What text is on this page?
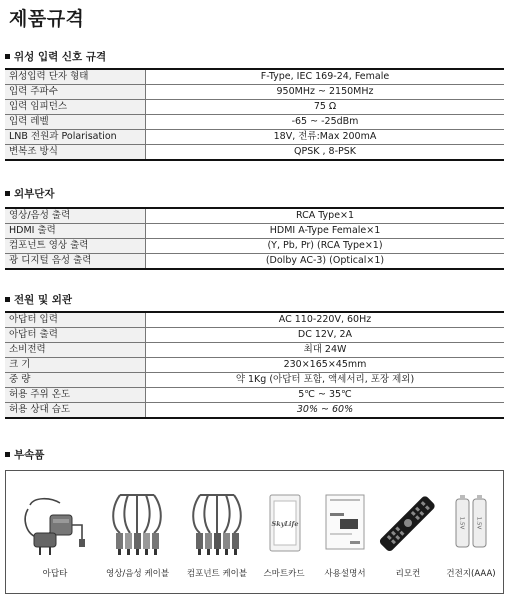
제품규격
위성 입력 신호 규격
위성입력 단자 형태	F-Type, IEC 169-24, Female
입력 주파수	950MHz ~ 2150MHz
입력 임피던스	75 Ω
입력 레벨	-65 ~ -25dBm
LNB 전원과 Polarisation	18V, 전류:Max 200mA
변복조 방식	QPSK , 8-PSK
외부단자
영상/음성 출력	RCA Type×1
HDMI 출력	HDMI A-Type Female×1
컴포넌트 영상 출력	(Y, Pb, Pr) (RCA Type×1)
광 디지털 음성 출력	(Dolby AC-3) (Optical×1)
전원 및 외관
아답터 입력	AC 110-220V, 60Hz
아답터 출력	DC 12V, 2A
소비전력	최대 24W
크 기	230×165×45mm
중 량	약 1Kg (아답터 포함, 액세서리, 포장 제외)
허용 주위 온도	5℃ ~ 35℃
허용 상대 습도	30% ~ 60%
부속품
아답타	영상/음성 케이블 컴포넌트 케이블
SkyLife
스마트카드	사용설명서	리모컨
1.5V 1.5V
건전지(AAA)
